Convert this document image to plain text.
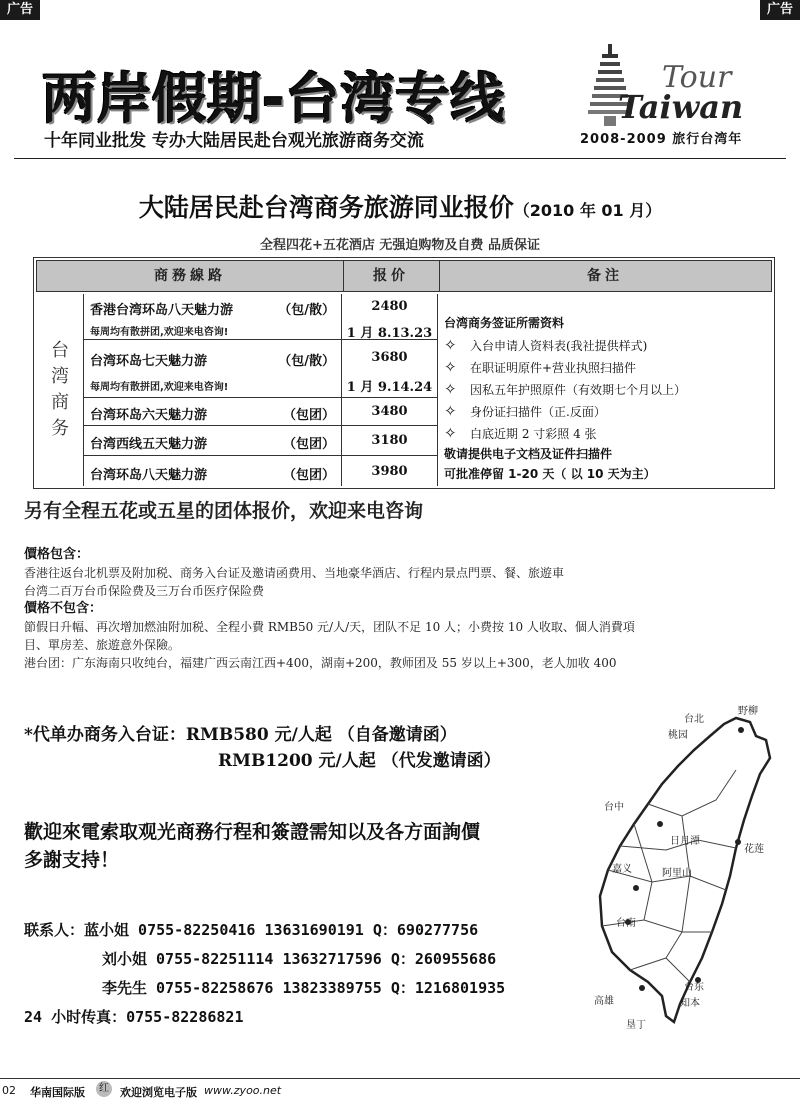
广告	广告
两岸假期-台湾专线
十年同业批发 专办大陆居民赴台观光旅游商务交流
Tour
Taiwan
2008-2009 旅行台湾年
大陆居民赴台湾商务旅游同业报价（2010 年 01 月）
全程四花+五花酒店 无强迫购物及自费 品质保证
商務線路	报价	备注
台
湾
商
务
香港台湾环岛八天魅力游	（包/散）
每周均有散拼团,欢迎来电咨询!
2480
1 月 8.13.23
台湾环岛七天魅力游	（包/散）
每周均有散拼团,欢迎来电咨询!
3680
1 月 9.14.24
台湾环岛六天魅力游	（包团）	3480
台湾西线五天魅力游	（包团）	3180
台湾环岛八天魅力游	（包团）	3980
台湾商务签证所需资料
✧ 入台申请人资料表(我社提供样式)
✧ 在职证明原件+营业执照扫描件
✧ 因私五年护照原件（有效期七个月以上）
✧ 身份证扫描件（正.反面）
✧ 白底近期 2 寸彩照 4 张
敬请提供电子文档及证件扫描件
可批准停留 1-20 天（ 以 10 天为主）
另有全程五花或五星的团体报价，欢迎来电咨询
價格包含：
香港往返台北机票及附加税、商务入台证及邀请函费用、当地豪华酒店、行程内景点門票、餐、旅遊車
台湾二百万台币保险费及三万台币医疗保险费
價格不包含：
節假日升幅、再次增加燃油附加税、全程小費 RMB50 元/人/天，团队不足 10 人；小费按 10 人收取、個人消費項
目、單房差、旅遊意外保險。
港台团：广东海南只收纯台，福建广西云南江西+400，湖南+200，教师团及 55 岁以上+300，老人加收 400
*代单办商务入台证：RMB580 元/人起 （自备邀请函）
RMB1200 元/人起 （代发邀请函）
歡迎來電索取观光商務行程和簽證需知以及各方面詢價
多謝支持！
联系人：蓝小姐 0755-82250416 13631690191 Q：690277756
刘小姐 0755-82251114 13632717596 Q：260955686
李先生 0755-82258676 13823389755 Q：1216801935
24 小时传真：0755-82286821
野柳
台北
桃园
台中
日月潭
花莲
嘉义	阿里山
台南
台东
知本
高雄
垦丁
02 华南国际版	红 欢迎浏览电子版 www.zyoo.net
